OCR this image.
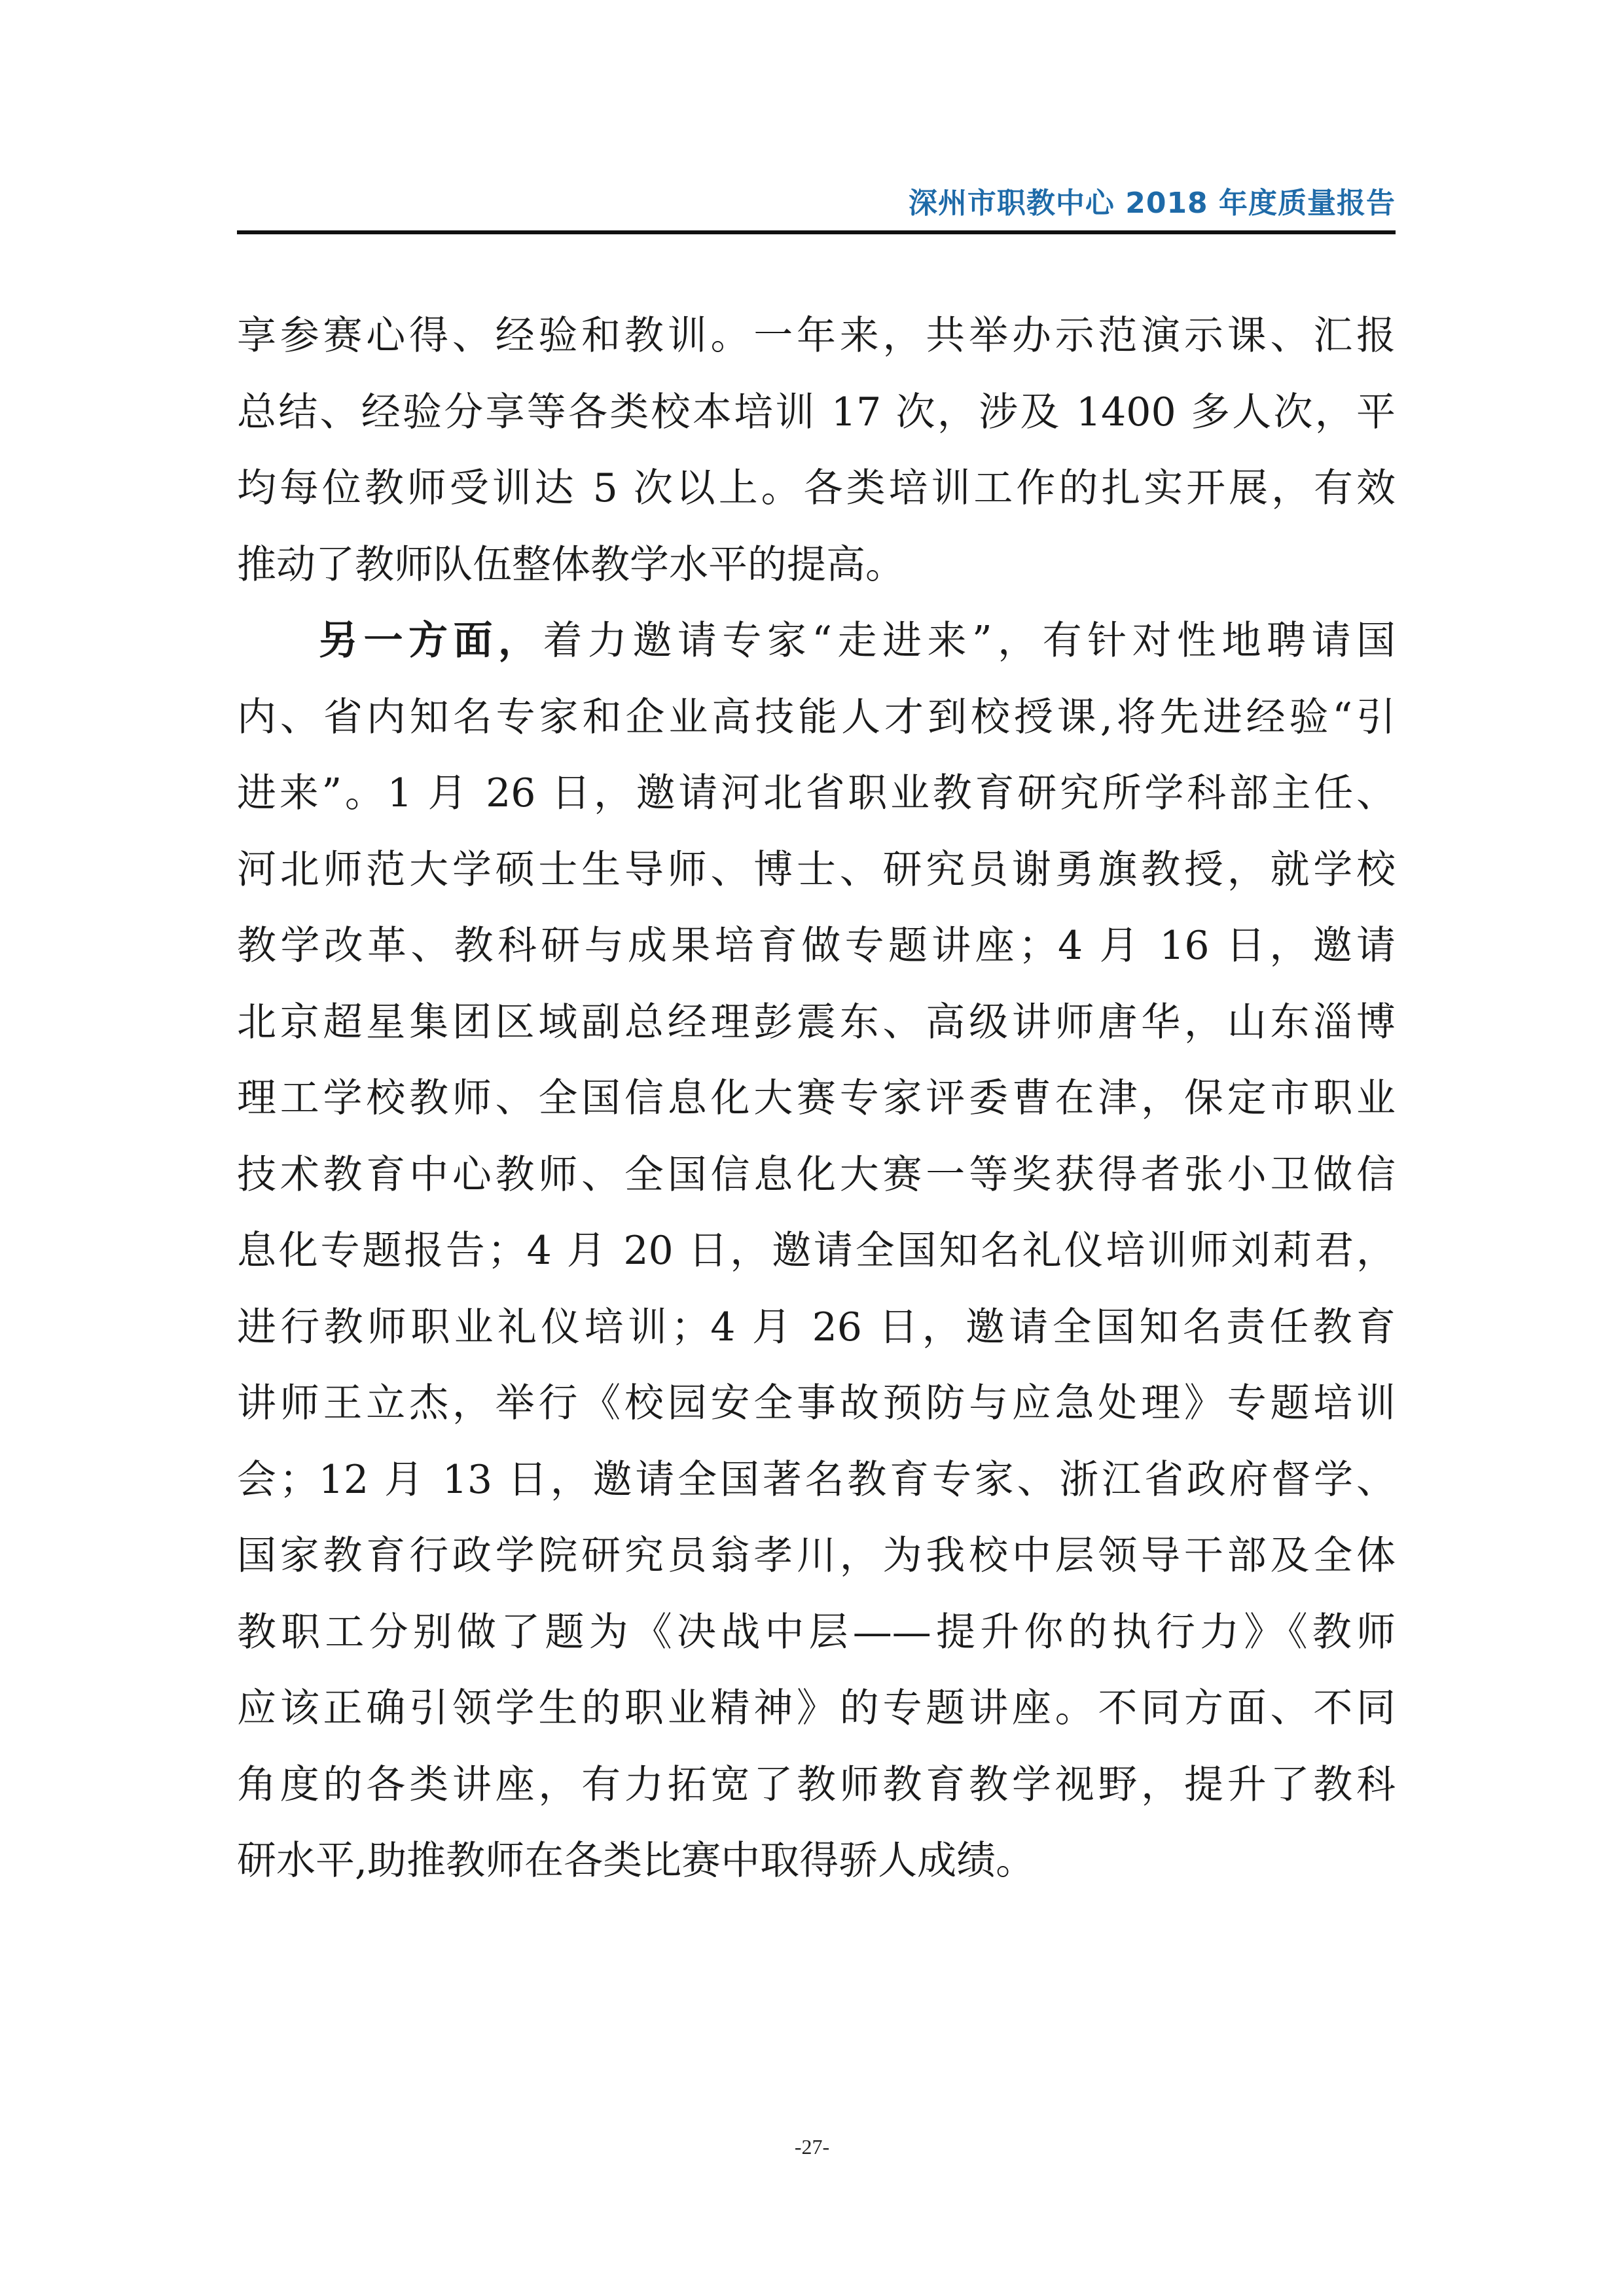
深州市职教中心 2018 年度质量报告
享参赛心得、经验和教训。一年来，共举办示范演示课、汇报
总结、经验分享等各类校本培训 17 次，涉及 1400 多人次，平
均每位教师受训达 5 次以上。各类培训工作的扎实开展，有效
推动了教师队伍整体教学水平的提高。
另一方面，着力邀请专家“走进来”，有针对性地聘请国
内、省内知名专家和企业高技能人才到校授课,将先进经验“引
进来”。1 月 26 日，邀请河北省职业教育研究所学科部主任、
河北师范大学硕士生导师、博士、研究员谢勇旗教授，就学校
教学改革、教科研与成果培育做专题讲座；4 月 16 日，邀请
北京超星集团区域副总经理彭震东、高级讲师唐华，山东淄博
理工学校教师、全国信息化大赛专家评委曹在津，保定市职业
技术教育中心教师、全国信息化大赛一等奖获得者张小卫做信
息化专题报告；4 月 20 日，邀请全国知名礼仪培训师刘莉君，
进行教师职业礼仪培训；4 月 26 日，邀请全国知名责任教育
讲师王立杰，举行《校园安全事故预防与应急处理》专题培训
会；12 月 13 日，邀请全国著名教育专家、浙江省政府督学、
国家教育行政学院研究员翁孝川，为我校中层领导干部及全体
教职工分别做了题为《决战中层——提升你的执行力》《教师
应该正确引领学生的职业精神》的专题讲座。不同方面、不同
角度的各类讲座，有力拓宽了教师教育教学视野，提升了教科
研水平,助推教师在各类比赛中取得骄人成绩。
-27-
